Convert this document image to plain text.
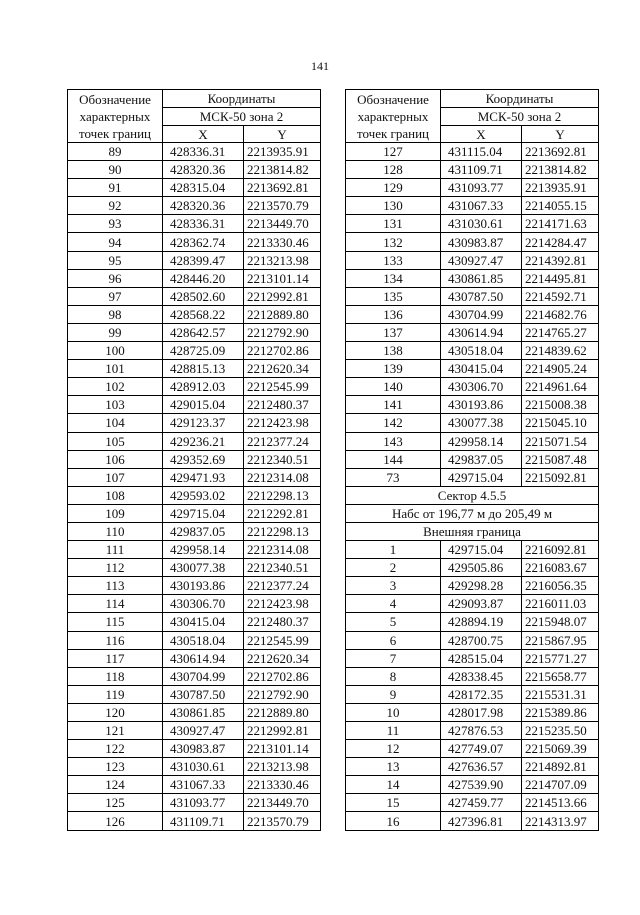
141
Обозначение
характерных
точек границ	Координаты	
	МСК-50 зона 2	
	X	Y
89	428336.31	2213935.91
90	428320.36	2213814.82
91	428315.04	2213692.81
92	428320.36	2213570.79
93	428336.31	2213449.70
94	428362.74	2213330.46
95	428399.47	2213213.98
96	428446.20	2213101.14
97	428502.60	2212992.81
98	428568.22	2212889.80
99	428642.57	2212792.90
100	428725.09	2212702.86
101	428815.13	2212620.34
102	428912.03	2212545.99
103	429015.04	2212480.37
104	429123.37	2212423.98
105	429236.21	2212377.24
106	429352.69	2212340.51
107	429471.93	2212314.08
108	429593.02	2212298.13
109	429715.04	2212292.81
110	429837.05	2212298.13
111	429958.14	2212314.08
112	430077.38	2212340.51
113	430193.86	2212377.24
114	430306.70	2212423.98
115	430415.04	2212480.37
116	430518.04	2212545.99
117	430614.94	2212620.34
118	430704.99	2212702.86
119	430787.50	2212792.90
120	430861.85	2212889.80
121	430927.47	2212992.81
122	430983.87	2213101.14
123	431030.61	2213213.98
124	431067.33	2213330.46
125	431093.77	2213449.70
126	431109.71	2213570.79
Обозначение
характерных
точек границ	Координаты	
	МСК-50 зона 2	
	X	Y
127	431115.04	2213692.81
128	431109.71	2213814.82
129	431093.77	2213935.91
130	431067.33	2214055.15
131	431030.61	2214171.63
132	430983.87	2214284.47
133	430927.47	2214392.81
134	430861.85	2214495.81
135	430787.50	2214592.71
136	430704.99	2214682.76
137	430614.94	2214765.27
138	430518.04	2214839.62
139	430415.04	2214905.24
140	430306.70	2214961.64
141	430193.86	2215008.38
142	430077.38	2215045.10
143	429958.14	2215071.54
144	429837.05	2215087.48
73	429715.04	2215092.81
Сектор 4.5.5		
Набс от 196,77 м до 205,49 м		
Внешняя граница		
1	429715.04	2216092.81
2	429505.86	2216083.67
3	429298.28	2216056.35
4	429093.87	2216011.03
5	428894.19	2215948.07
6	428700.75	2215867.95
7	428515.04	2215771.27
8	428338.45	2215658.77
9	428172.35	2215531.31
10	428017.98	2215389.86
11	427876.53	2215235.50
12	427749.07	2215069.39
13	427636.57	2214892.81
14	427539.90	2214707.09
15	427459.77	2214513.66
16	427396.81	2214313.97
